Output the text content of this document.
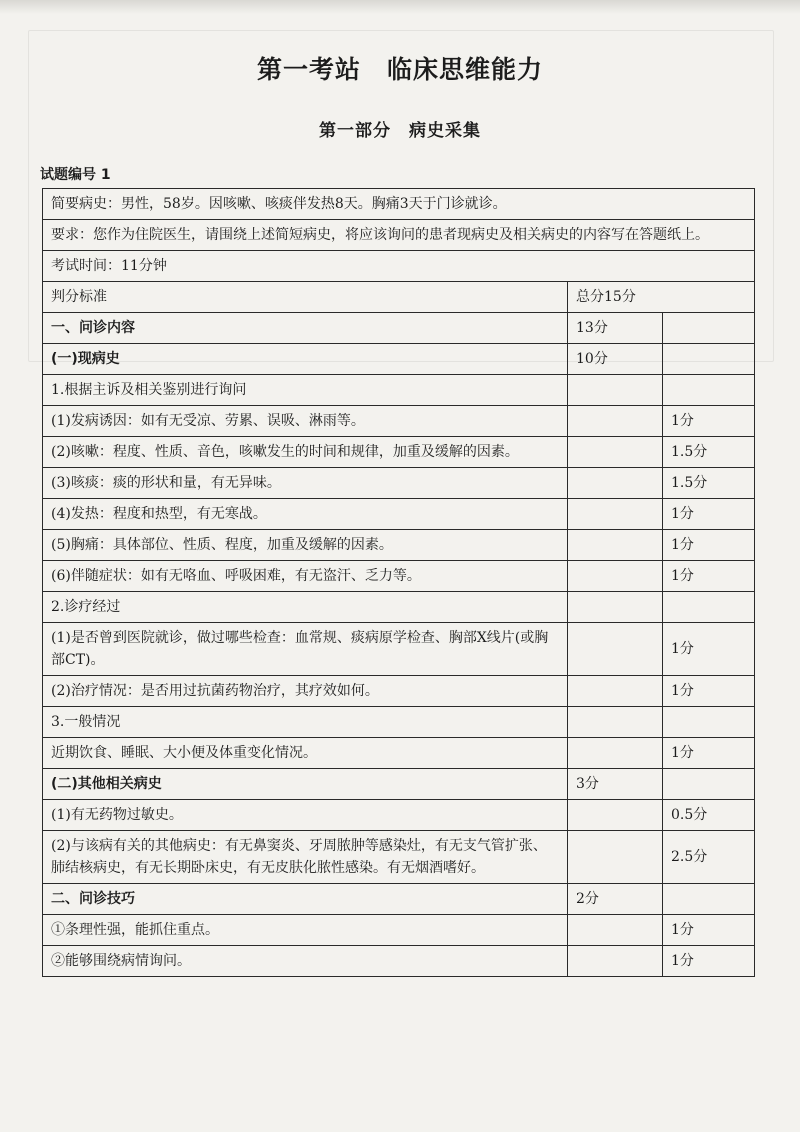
第一考站　临床思维能力
第一部分　病史采集
试题编号 1
简要病史：男性，58岁。因咳嗽、咳痰伴发热8天。胸痛3天于门诊就诊。		
要求：您作为住院医生，请围绕上述简短病史，将应该询问的患者现病史及相关病史的内容写在答题纸上。		
考试时间：11分钟		
判分标准	总分15分	
一、问诊内容	13分	
(一)现病史	10分	
1.根据主诉及相关鉴别进行询问		
(1)发病诱因：如有无受凉、劳累、误吸、淋雨等。		1分
(2)咳嗽：程度、性质、音色，咳嗽发生的时间和规律，加重及缓解的因素。		1.5分
(3)咳痰：痰的形状和量，有无异味。		1.5分
(4)发热：程度和热型，有无寒战。		1分
(5)胸痛：具体部位、性质、程度，加重及缓解的因素。		1分
(6)伴随症状：如有无咯血、呼吸困难，有无盗汗、乏力等。		1分
2.诊疗经过		
(1)是否曾到医院就诊，做过哪些检查：血常规、痰病原学检查、胸部X线片(或胸部CT)。		1分
(2)治疗情况：是否用过抗菌药物治疗，其疗效如何。		1分
3.一般情况		
近期饮食、睡眠、大小便及体重变化情况。		1分
(二)其他相关病史	3分	
(1)有无药物过敏史。		0.5分
(2)与该病有关的其他病史：有无鼻窦炎、牙周脓肿等感染灶，有无支气管扩张、肺结核病史，有无长期卧床史，有无皮肤化脓性感染。有无烟酒嗜好。		2.5分
二、问诊技巧	2分	
①条理性强，能抓住重点。		1分
②能够围绕病情询问。		1分
